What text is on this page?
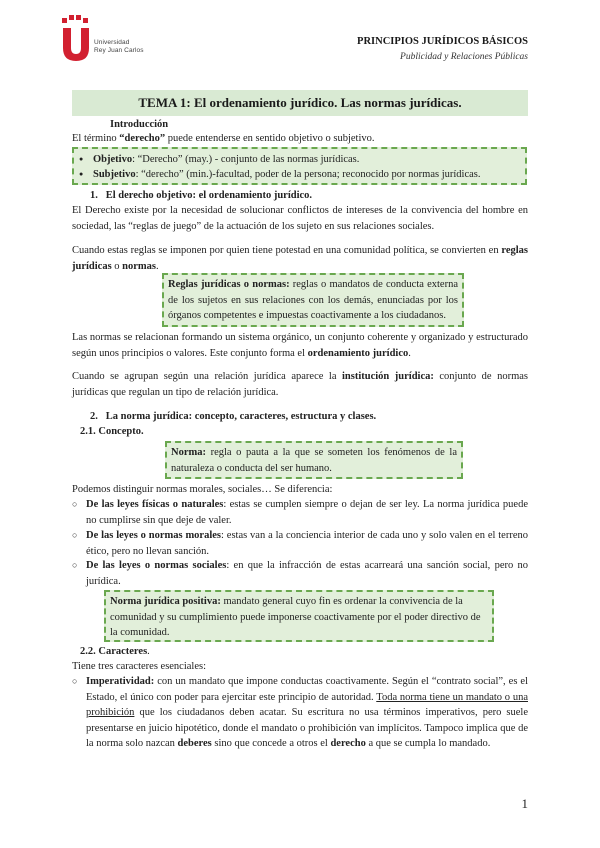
Universidad
Rey Juan Carlos
PRINCIPIOS JURÍDICOS BÁSICOS
Publicidad y Relaciones Públicas
TEMA 1: El ordenamiento jurídico. Las normas jurídicas.
Introducción
El término “derecho” puede entenderse en sentido objetivo o subjetivo.
● Objetivo: “Derecho” (may.) - conjunto de las normas jurídicas.
● Subjetivo: “derecho” (min.)-facultad, poder de la persona; reconocido por normas jurídicas.
1. El derecho objetivo: el ordenamiento jurídico.
El Derecho existe por la necesidad de solucionar conflictos de intereses de la convivencia del hombre en sociedad, las “reglas de juego” de la actuación de los sujeto en sus relaciones sociales.
Cuando estas reglas se imponen por quien tiene potestad en una comunidad política, se convierten en reglas jurídicas o normas.
Reglas jurídicas o normas: reglas o mandatos de conducta externa de los sujetos en sus relaciones con los demás, enunciadas por los órganos competentes e impuestas coactivamente a los ciudadanos.
Las normas se relacionan formando un sistema orgánico, un conjunto coherente y organizado y estructurado según unos principios o valores. Este conjunto forma el ordenamiento jurídico.
Cuando se agrupan según una relación jurídica aparece la institución jurídica: conjunto de normas jurídicas que regulan un tipo de relación jurídica.
2. La norma jurídica: concepto, caracteres, estructura y clases.
2.1. Concepto.
Norma: regla o pauta a la que se someten los fenómenos de la naturaleza o conducta del ser humano.
Podemos distinguir normas morales, sociales… Se diferencia:
○ De las leyes físicas o naturales: estas se cumplen siempre o dejan de ser ley. La norma jurídica puede no cumplirse sin que deje de valer.
○ De las leyes o normas morales: estas van a la conciencia interior de cada uno y solo valen en el terreno ético, pero no llevan sanción.
○ De las leyes o normas sociales: en que la infracción de estas acarreará una sanción social, pero no jurídica.
Norma jurídica positiva: mandato general cuyo fin es ordenar la convivencia de la comunidad y su cumplimiento puede imponerse coactivamente por el poder directivo de la comunidad.
2.2. Caracteres.
Tiene tres caracteres esenciales:
○ Imperatividad: con un mandato que impone conductas coactivamente. Según el “contrato social”, es el Estado, el único con poder para ejercitar este principio de autoridad. Toda norma tiene un mandato o una prohibición que los ciudadanos deben acatar. Su escritura no usa términos imperativos, pero suele presentarse en juicio hipotético, donde el mandato o prohibición van implícitos. Tampoco implica que de la norma solo nazcan deberes sino que concede a otros el derecho a que se cumpla lo mandado.
1
